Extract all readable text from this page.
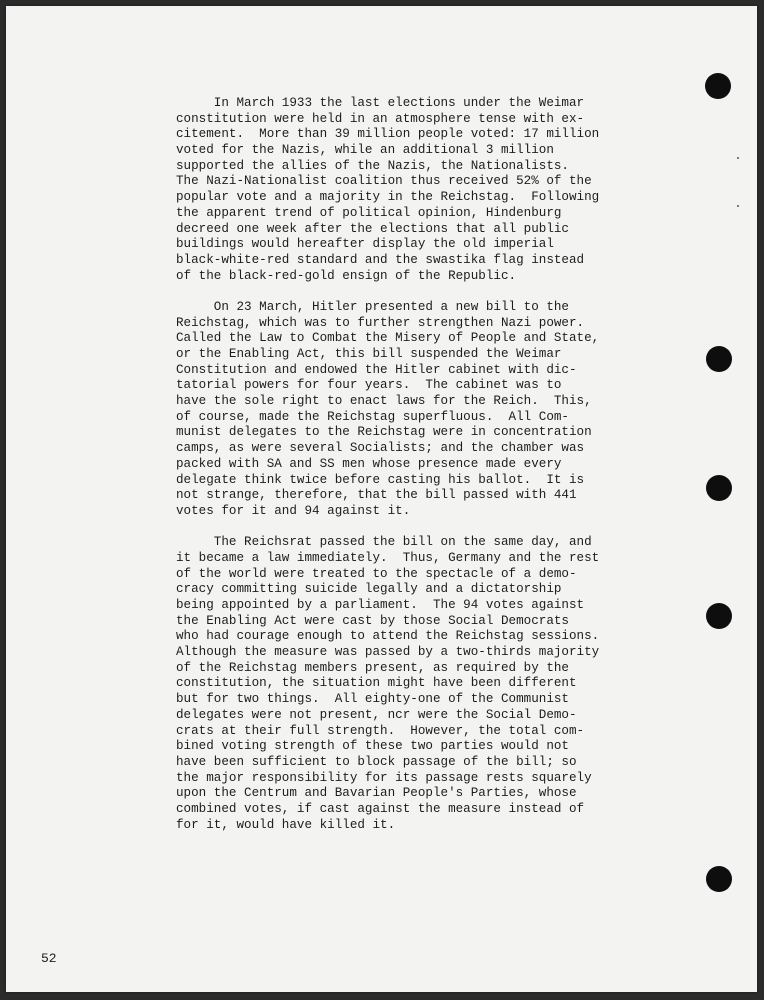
In March 1933 the last elections under the Weimar
constitution were held in an atmosphere tense with ex-
citement.  More than 39 million people voted: 17 million
voted for the Nazis, while an additional 3 million
supported the allies of the Nazis, the Nationalists.
The Nazi-Nationalist coalition thus received 52% of the
popular vote and a majority in the Reichstag.  Following
the apparent trend of political opinion, Hindenburg
decreed one week after the elections that all public
buildings would hereafter display the old imperial
black-white-red standard and the swastika flag instead
of the black-red-gold ensign of the Republic.
On 23 March, Hitler presented a new bill to the
Reichstag, which was to further strengthen Nazi power.
Called the Law to Combat the Misery of People and State,
or the Enabling Act, this bill suspended the Weimar
Constitution and endowed the Hitler cabinet with dic-
tatorial powers for four years.  The cabinet was to
have the sole right to enact laws for the Reich.  This,
of course, made the Reichstag superfluous.  All Com-
munist delegates to the Reichstag were in concentration
camps, as were several Socialists; and the chamber was
packed with SA and SS men whose presence made every
delegate think twice before casting his ballot.  It is
not strange, therefore, that the bill passed with 441
votes for it and 94 against it.
The Reichsrat passed the bill on the same day, and
it became a law immediately.  Thus, Germany and the rest
of the world were treated to the spectacle of a demo-
cracy committing suicide legally and a dictatorship
being appointed by a parliament.  The 94 votes against
the Enabling Act were cast by those Social Democrats
who had courage enough to attend the Reichstag sessions.
Although the measure was passed by a two-thirds majority
of the Reichstag members present, as required by the
constitution, the situation might have been different
but for two things.  All eighty-one of the Communist
delegates were not present, ncr were the Social Demo-
crats at their full strength.  However, the total com-
bined voting strength of these two parties would not
have been sufficient to block passage of the bill; so
the major responsibility for its passage rests squarely
upon the Centrum and Bavarian People's Parties, whose
combined votes, if cast against the measure instead of
for it, would have killed it.
52
